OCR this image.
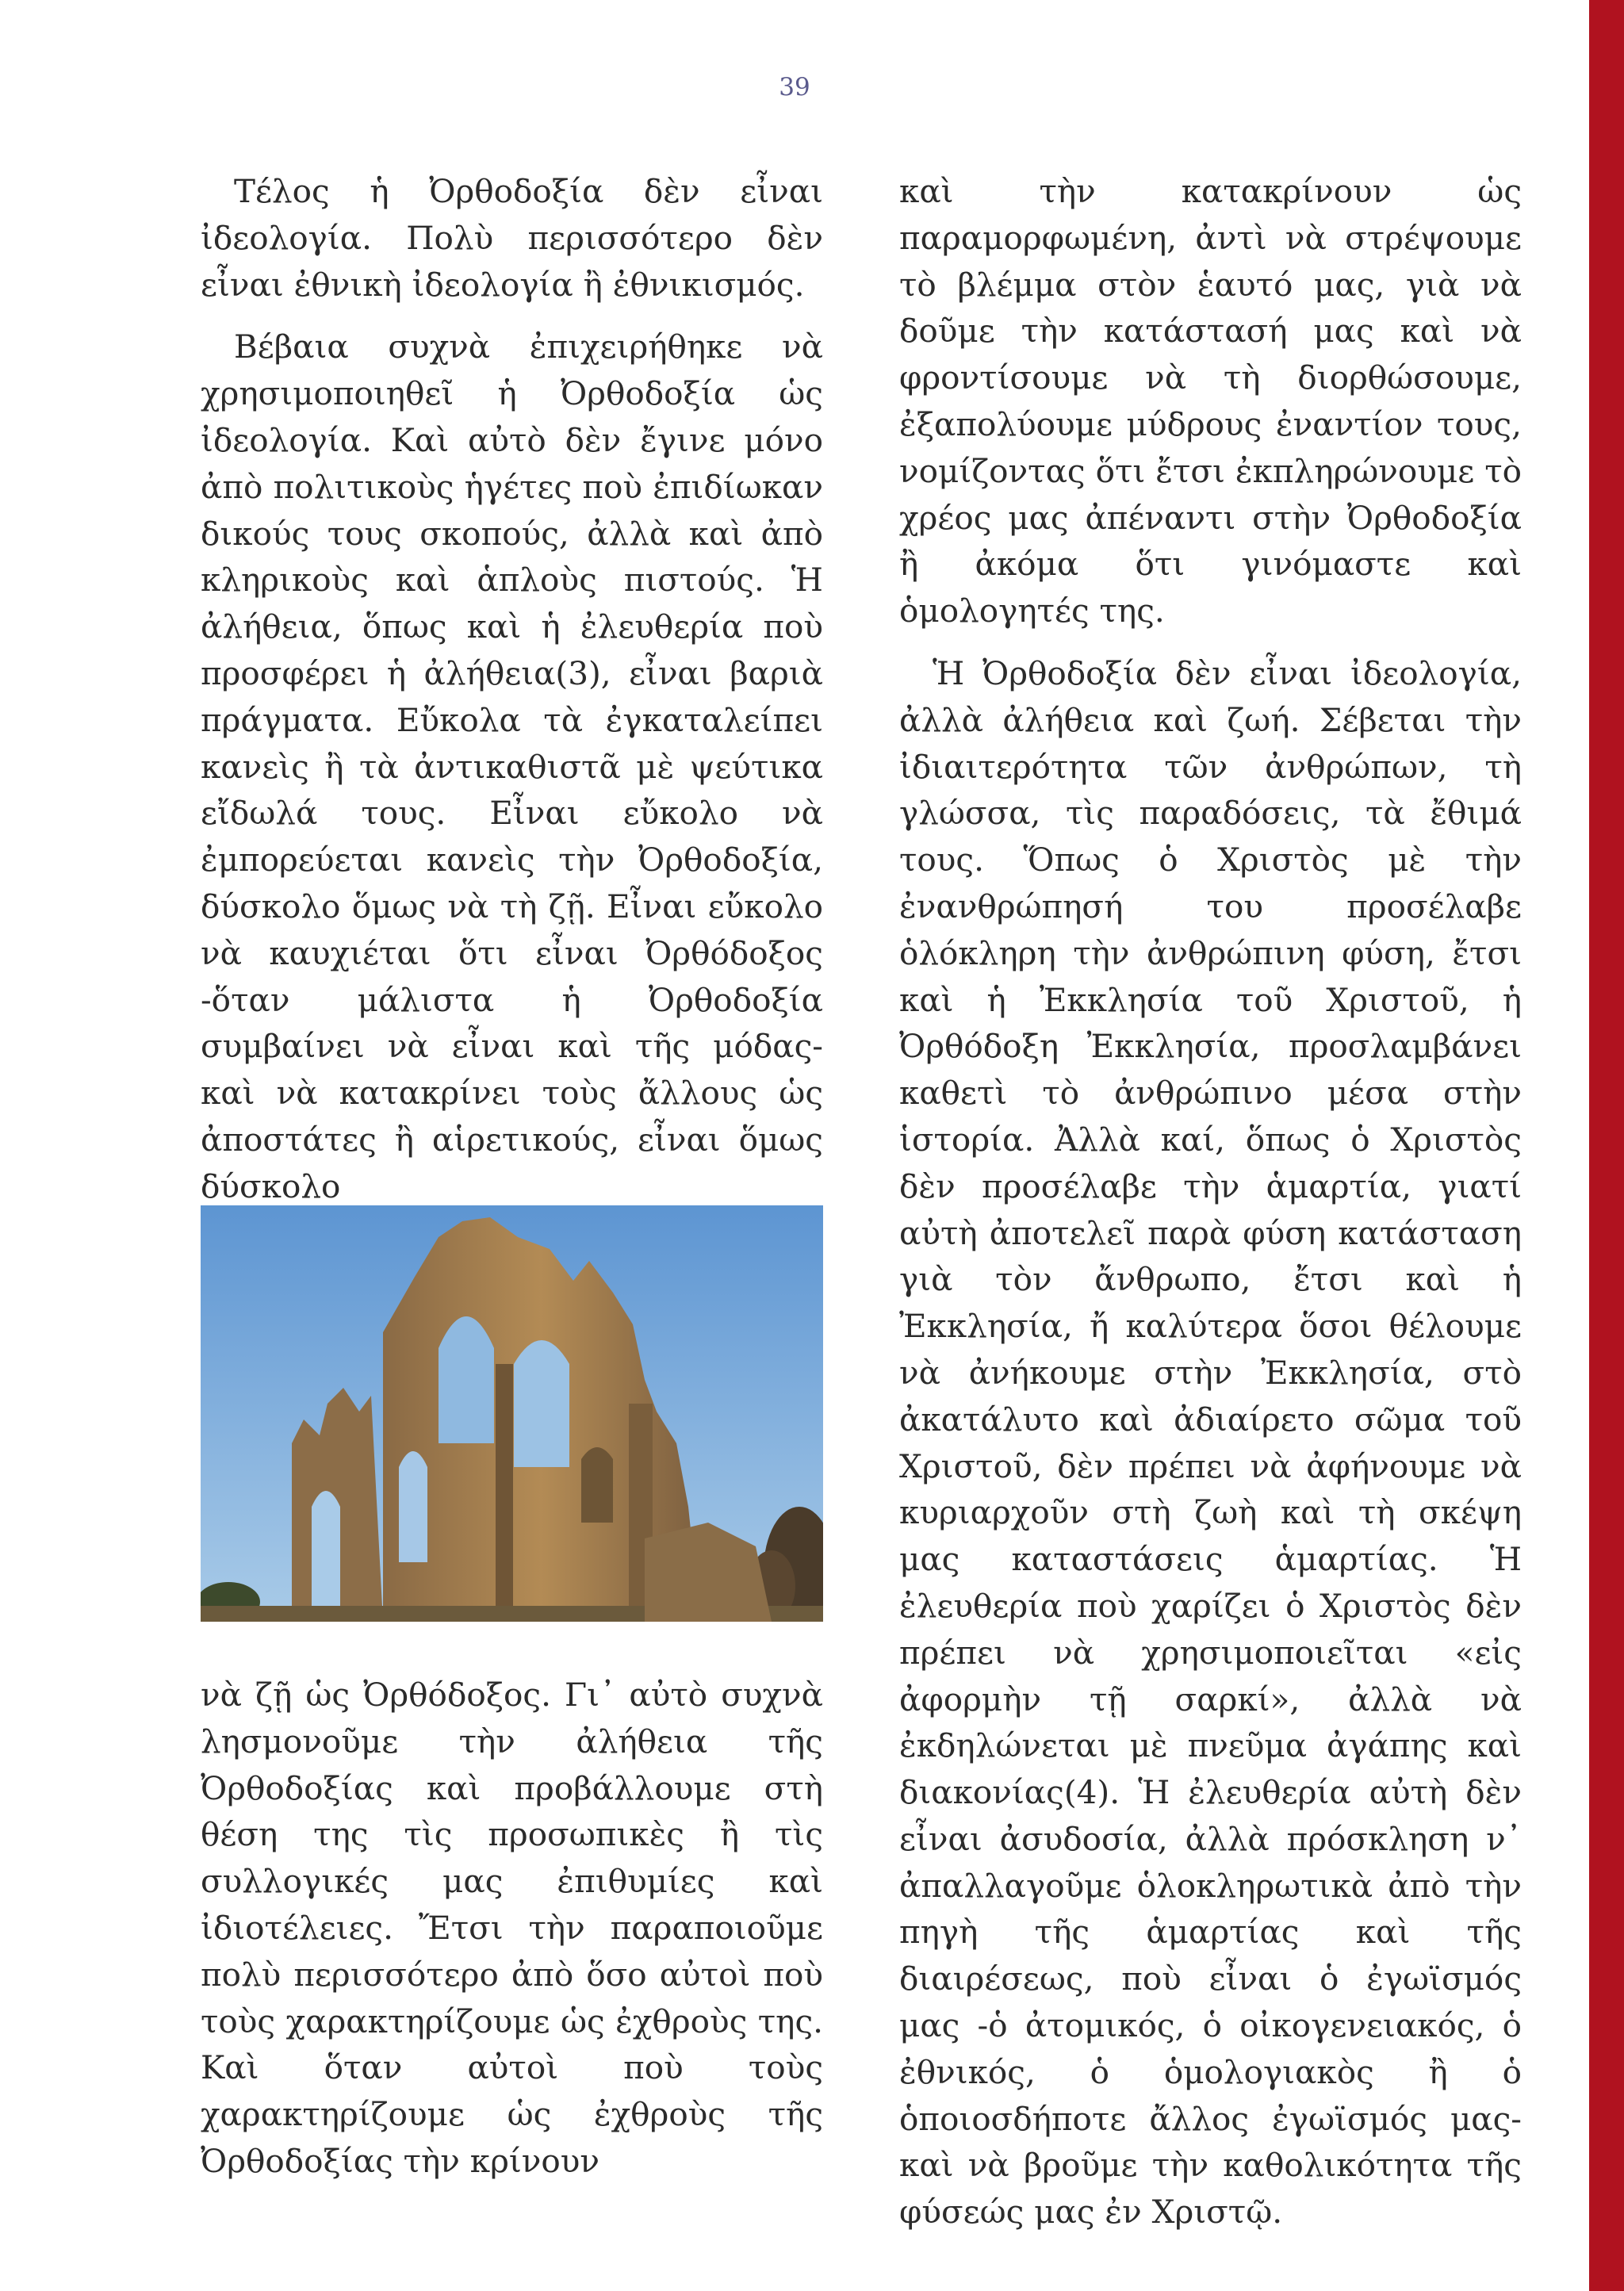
39

Τέλος ἡ Ὀρθοδοξία δὲν εἶναι ἰδεολογία. Πολὺ περισσότερο δὲν εἶναι ἐθνικὴ ἰδεολογία ἢ ἐθνικισμός.

Βέβαια συχνὰ ἐπιχειρήθηκε νὰ χρησιμοποιηθεῖ ἡ Ὀρθοδοξία ὡς ἰδεολογία. Καὶ αὐτὸ δὲν ἔγινε μόνο ἀπὸ πολιτικοὺς ἡγέτες ποὺ ἐπιδίωκαν δικούς τους σκοπούς, ἀλλὰ καὶ ἀπὸ κληρικοὺς καὶ ἁπλοὺς πιστούς. Ἡ ἀλήθεια, ὅπως καὶ ἡ ἐλευθερία ποὺ προσφέρει ἡ ἀλήθεια(3), εἶναι βαριὰ πράγματα. Εὔκολα τὰ ἐγκαταλείπει κανεὶς ἢ τὰ ἀντικαθιστᾶ μὲ ψεύτικα εἴδωλά τους. Εἶναι εὔκολο νὰ ἐμπορεύεται κανεὶς τὴν Ὀρθοδοξία, δύσκολο ὅμως νὰ τὴ ζῇ. Εἶναι εὔκολο νὰ καυχιέται ὅτι εἶναι Ὀρθόδοξος -ὅταν μάλιστα ἡ Ὀρθοδοξία συμβαίνει νὰ εἶναι καὶ τῆς μόδας- καὶ νὰ κατακρίνει τοὺς ἄλλους ὡς ἀποστάτες ἢ αἱρετικούς, εἶναι ὅμως δύσκολο

νὰ ζῇ ὡς Ὀρθόδοξος. Γι᾽ αὐτὸ συχνὰ λησμονοῦμε τὴν ἀλήθεια τῆς Ὀρθοδοξίας καὶ προβάλλουμε στὴ θέση της τὶς προσωπικὲς ἢ τὶς συλλογικές μας ἐπιθυμίες καὶ ἰδιοτέλειες. Ἔτσι τὴν παραποιοῦμε πολὺ περισσότερο ἀπὸ ὅσο αὐτοὶ ποὺ τοὺς χαρακτηρίζουμε ὡς ἐχθροὺς της. Καὶ ὅταν αὐτοὶ ποὺ τοὺς χαρακτηρίζουμε ὡς ἐχθροὺς τῆς Ὀρθοδοξίας τὴν κρίνουν

καὶ τὴν κατακρίνουν ὡς παραμορφωμένη, ἀντὶ νὰ στρέψουμε τὸ βλέμμα στὸν ἑαυτό μας, γιὰ νὰ δοῦμε τὴν κατάστασή μας καὶ νὰ φροντίσουμε νὰ τὴ διορθώσουμε, ἐξαπολύουμε μύδρους ἐναντίον τους, νομίζοντας ὅτι ἔτσι ἐκπληρώνουμε τὸ χρέος μας ἀπέναντι στὴν Ὀρθοδοξία ἢ ἀκόμα ὅτι γινόμαστε καὶ ὁμολογητές της.

Ἡ Ὀρθοδοξία δὲν εἶναι ἰδεολογία, ἀλλὰ ἀλήθεια καὶ ζωή. Σέβεται τὴν ἰδιαιτερότητα τῶν ἀνθρώπων, τὴ γλώσσα, τὶς παραδόσεις, τὰ ἔθιμά τους. Ὅπως ὁ Χριστὸς μὲ τὴν ἐνανθρώπησή του προσέλαβε ὁλόκληρη τὴν ἀνθρώπινη φύση, ἔτσι καὶ ἡ Ἐκκλησία τοῦ Χριστοῦ, ἡ Ὀρθόδοξη Ἐκκλησία, προσλαμβάνει καθετὶ τὸ ἀνθρώπινο μέσα στὴν ἱστορία. Ἀλλὰ καί, ὅπως ὁ Χριστὸς δὲν προσέλαβε τὴν ἁμαρτία, γιατί αὐτὴ ἀποτελεῖ παρὰ φύση κατάσταση γιὰ τὸν ἄνθρωπο, ἔτσι καὶ ἡ Ἐκκλησία, ἤ καλύτερα ὅσοι θέλουμε νὰ ἀνήκουμε στὴν Ἐκκλησία, στὸ ἀκατάλυτο καὶ ἀδιαίρετο σῶμα τοῦ Χριστοῦ, δὲν πρέπει νὰ ἀφήνουμε νὰ κυριαρχοῦν στὴ ζωὴ καὶ τὴ σκέψη μας καταστάσεις ἁμαρτίας. Ἡ ἐλευθερία ποὺ χαρίζει ὁ Χριστὸς δὲν πρέπει νὰ χρησιμοποιεῖται «εἰς ἀφορμὴν τῇ σαρκί», ἀλλὰ νὰ ἐκδηλώνεται μὲ πνεῦμα ἀγάπης καὶ διακονίας(4). Ἡ ἐλευθερία αὐτὴ δὲν εἶναι ἀσυδοσία, ἀλλὰ πρόσκληση ν᾽ ἀπαλλαγοῦμε ὁλοκληρωτικὰ ἀπὸ τὴν πηγὴ τῆς ἁμαρτίας καὶ τῆς διαιρέσεως, ποὺ εἶναι ὁ ἐγωϊσμός μας -ὁ ἀτομικός, ὁ οἰκογενειακός, ὁ ἐθνικός, ὁ ὁμολογιακὸς ἢ ὁ ὁποιοσδήποτε ἄλλος ἐγωϊσμός μας- καὶ νὰ βροῦμε τὴν καθολικότητα τῆς φύσεώς μας ἐν Χριστῷ.
